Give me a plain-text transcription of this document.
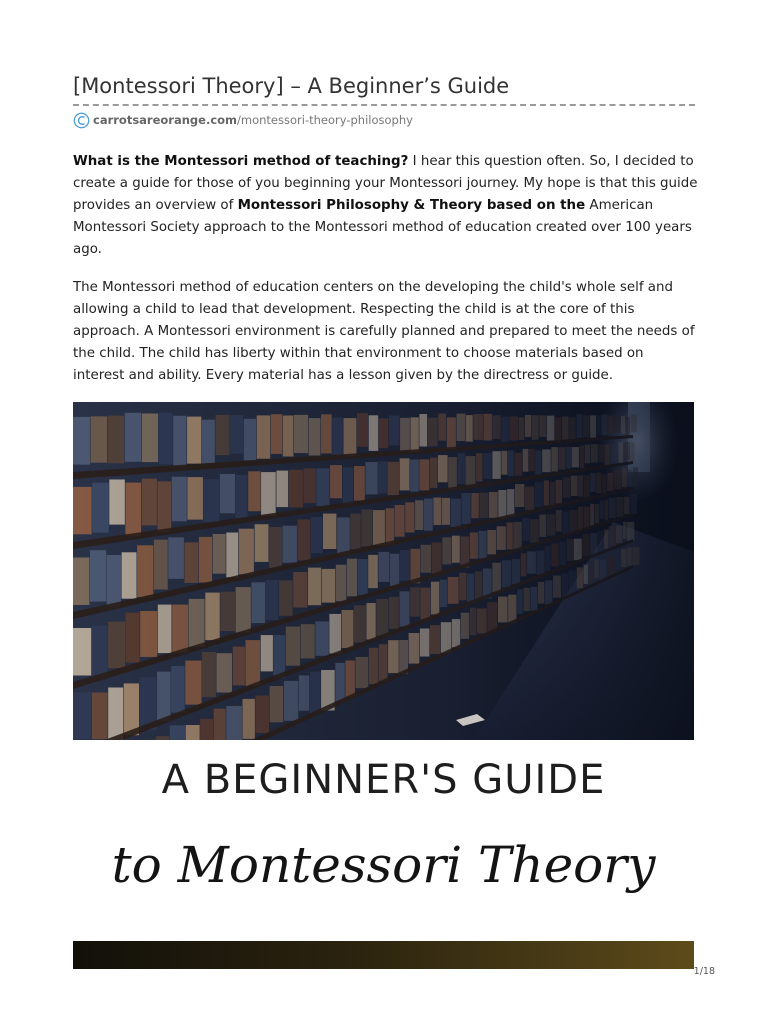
[Montessori Theory] – A Beginner’s Guide
carrotsareorange.com /montessori-theory-philosophy

What is the Montessori method of teaching? I hear this question often. So, I decided to create a guide for those of you beginning your Montessori journey. My hope is that this guide provides an overview of Montessori Philosophy & Theory based on the American Montessori Society approach to the Montessori method of education created over 100 years ago.

The Montessori method of education centers on the developing the child's whole self and allowing a child to lead that development. Respecting the child is at the core of this approach. A Montessori environment is carefully planned and prepared to meet the needs of the child. The child has liberty within that environment to choose materials based on interest and ability. Every material has a lesson given by the directress or guide.

A BEGINNER'S GUIDE
to Montessori Theory
1/18
